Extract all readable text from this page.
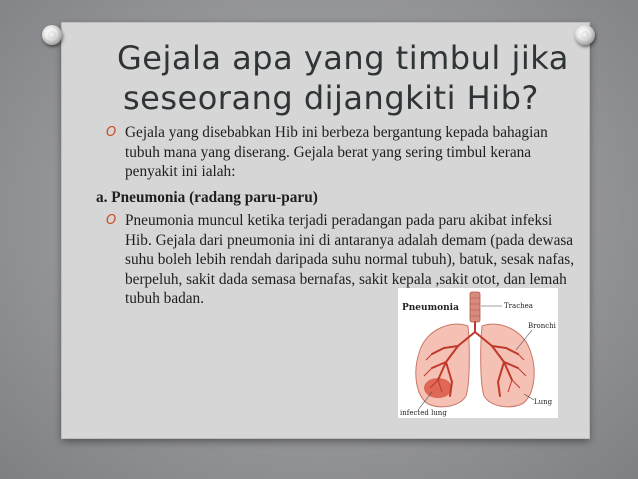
Gejala apa yang timbul jika
seseorang dijangkiti Hib?

O Gejala yang disebabkan Hib ini berbeza bergantung kepada bahagian tubuh mana yang diserang. Gejala berat yang sering timbul kerana penyakit ini ialah:

a. Pneumonia (radang paru-paru)

O Pneumonia muncul ketika terjadi peradangan pada paru akibat infeksi Hib. Gejala dari pneumonia ini di antaranya adalah demam (pada dewasa suhu boleh lebih rendah daripada suhu normal tubuh), batuk, sesak nafas, berpeluh, sakit dada semasa bernafas, sakit kepala ,sakit otot, dan lemah tubuh badan.

Pneumonia	Trachea
Bronchi
Lung
infected lung
